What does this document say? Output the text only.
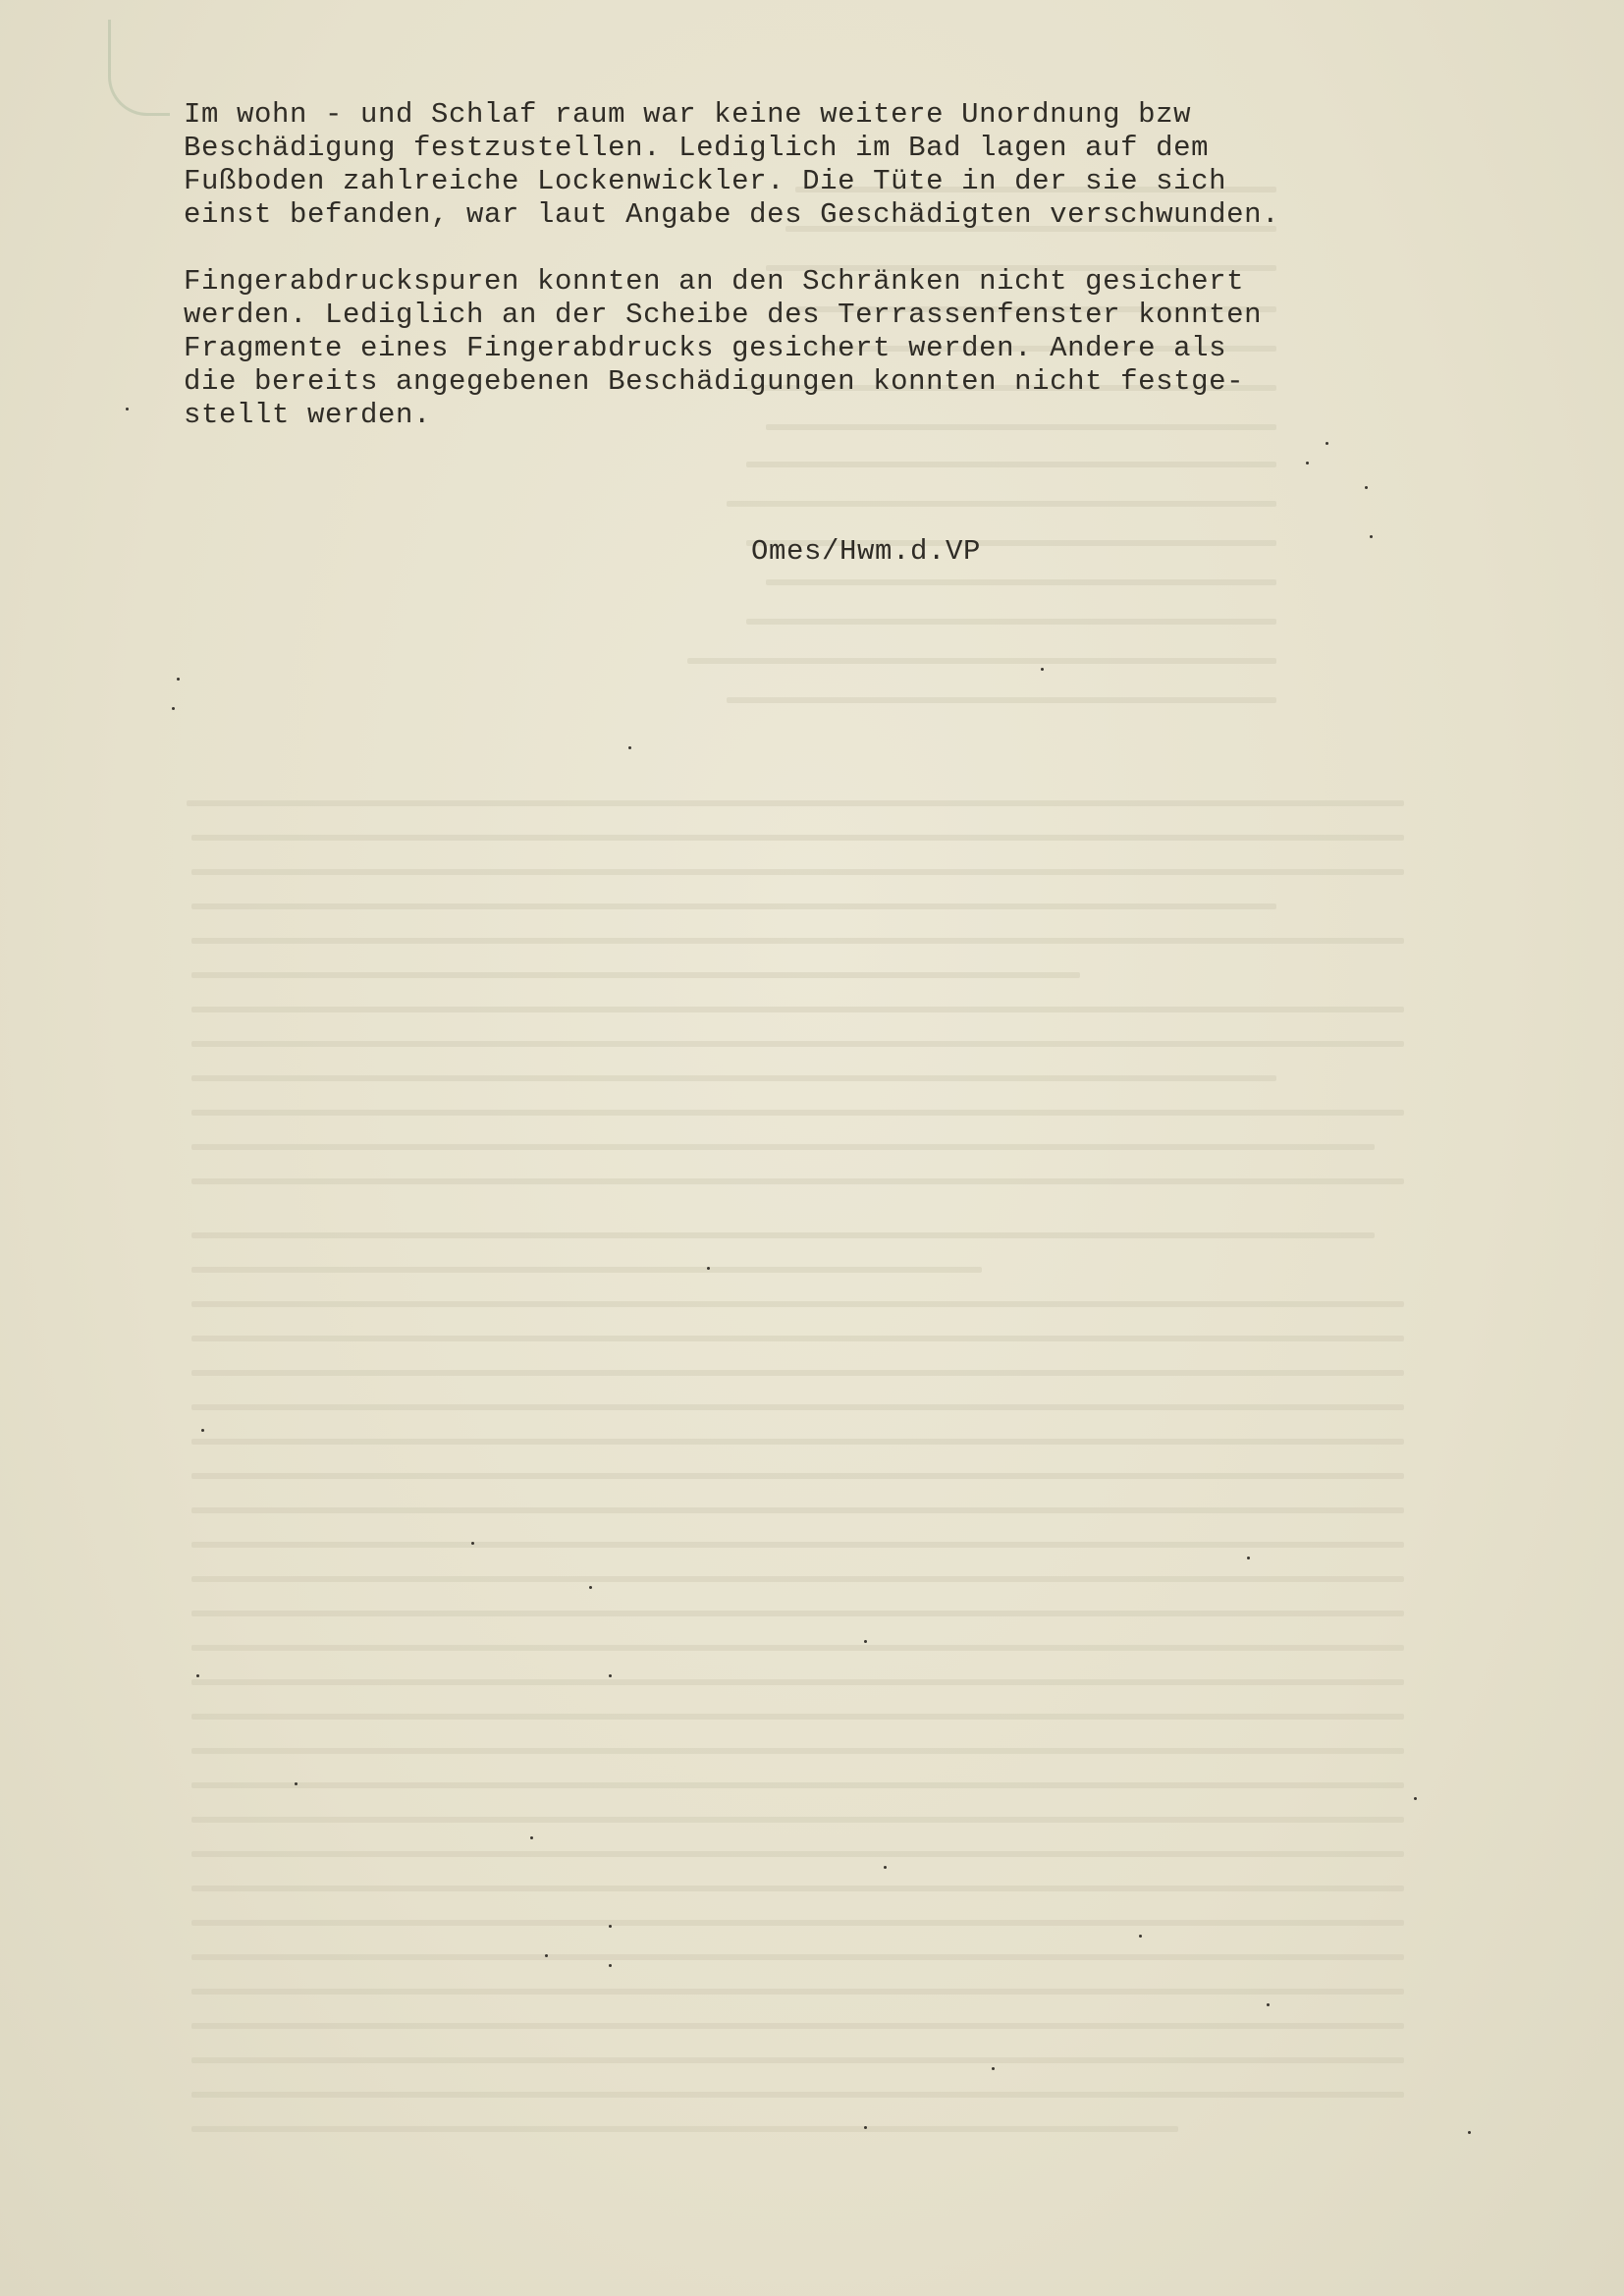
Im wohn - und Schlaf raum war keine weitere Unordnung bzw
Beschädigung festzustellen. Lediglich im Bad lagen auf dem
Fußboden zahlreiche Lockenwickler. Die Tüte in der sie sich
einst befanden, war laut Angabe des Geschädigten verschwunden.
Fingerabdruckspuren konnten an den Schränken nicht gesichert
werden. Lediglich an der Scheibe des Terrassenfenster konnten
Fragmente eines Fingerabdrucks gesichert werden. Andere als
die bereits angegebenen Beschädigungen konnten nicht festge-
stellt werden.
Omes/Hwm.d.VP
